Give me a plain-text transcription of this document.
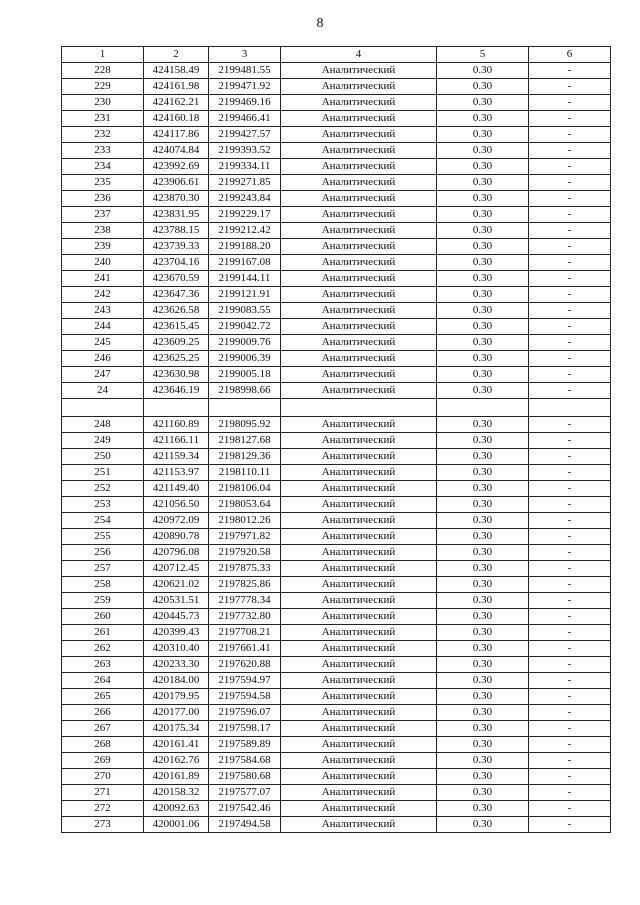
8
1	2	3	4	5	6
228	424158.49	2199481.55	Аналитический	0.30	-
229	424161.98	2199471.92	Аналитический	0.30	-
230	424162.21	2199469.16	Аналитический	0.30	-
231	424160.18	2199466.41	Аналитический	0.30	-
232	424117.86	2199427.57	Аналитический	0.30	-
233	424074.84	2199393.52	Аналитический	0.30	-
234	423992.69	2199334.11	Аналитический	0.30	-
235	423906.61	2199271.85	Аналитический	0.30	-
236	423870.30	2199243.84	Аналитический	0.30	-
237	423831.95	2199229.17	Аналитический	0.30	-
238	423788.15	2199212.42	Аналитический	0.30	-
239	423739.33	2199188.20	Аналитический	0.30	-
240	423704.16	2199167.08	Аналитический	0.30	-
241	423670.59	2199144.11	Аналитический	0.30	-
242	423647.36	2199121.91	Аналитический	0.30	-
243	423626.58	2199083.55	Аналитический	0.30	-
244	423615.45	2199042.72	Аналитический	0.30	-
245	423609.25	2199009.76	Аналитический	0.30	-
246	423625.25	2199006.39	Аналитический	0.30	-
247	423630.98	2199005.18	Аналитический	0.30	-
24	423646.19	2198998.66	Аналитический	0.30	-

248	421160.89	2198095.92	Аналитический	0.30	-
249	421166.11	2198127.68	Аналитический	0.30	-
250	421159.34	2198129.36	Аналитический	0.30	-
251	421153.97	2198110.11	Аналитический	0.30	-
252	421149.40	2198106.04	Аналитический	0.30	-
253	421056.50	2198053.64	Аналитический	0.30	-
254	420972.09	2198012.26	Аналитический	0.30	-
255	420890.78	2197971.82	Аналитический	0.30	-
256	420796.08	2197920.58	Аналитический	0.30	-
257	420712.45	2197875.33	Аналитический	0.30	-
258	420621.02	2197825.86	Аналитический	0.30	-
259	420531.51	2197778.34	Аналитический	0.30	-
260	420445.73	2197732.80	Аналитический	0.30	-
261	420399.43	2197708.21	Аналитический	0.30	-
262	420310.40	2197661.41	Аналитический	0.30	-
263	420233.30	2197620.88	Аналитический	0.30	-
264	420184.00	2197594.97	Аналитический	0.30	-
265	420179.95	2197594.58	Аналитический	0.30	-
266	420177.00	2197596.07	Аналитический	0.30	-
267	420175.34	2197598.17	Аналитический	0.30	-
268	420161.41	2197589.89	Аналитический	0.30	-
269	420162.76	2197584.68	Аналитический	0.30	-
270	420161.89	2197580.68	Аналитический	0.30	-
271	420158.32	2197577.07	Аналитический	0.30	-
272	420092.63	2197542.46	Аналитический	0.30	-
273	420001.06	2197494.58	Аналитический	0.30	-
